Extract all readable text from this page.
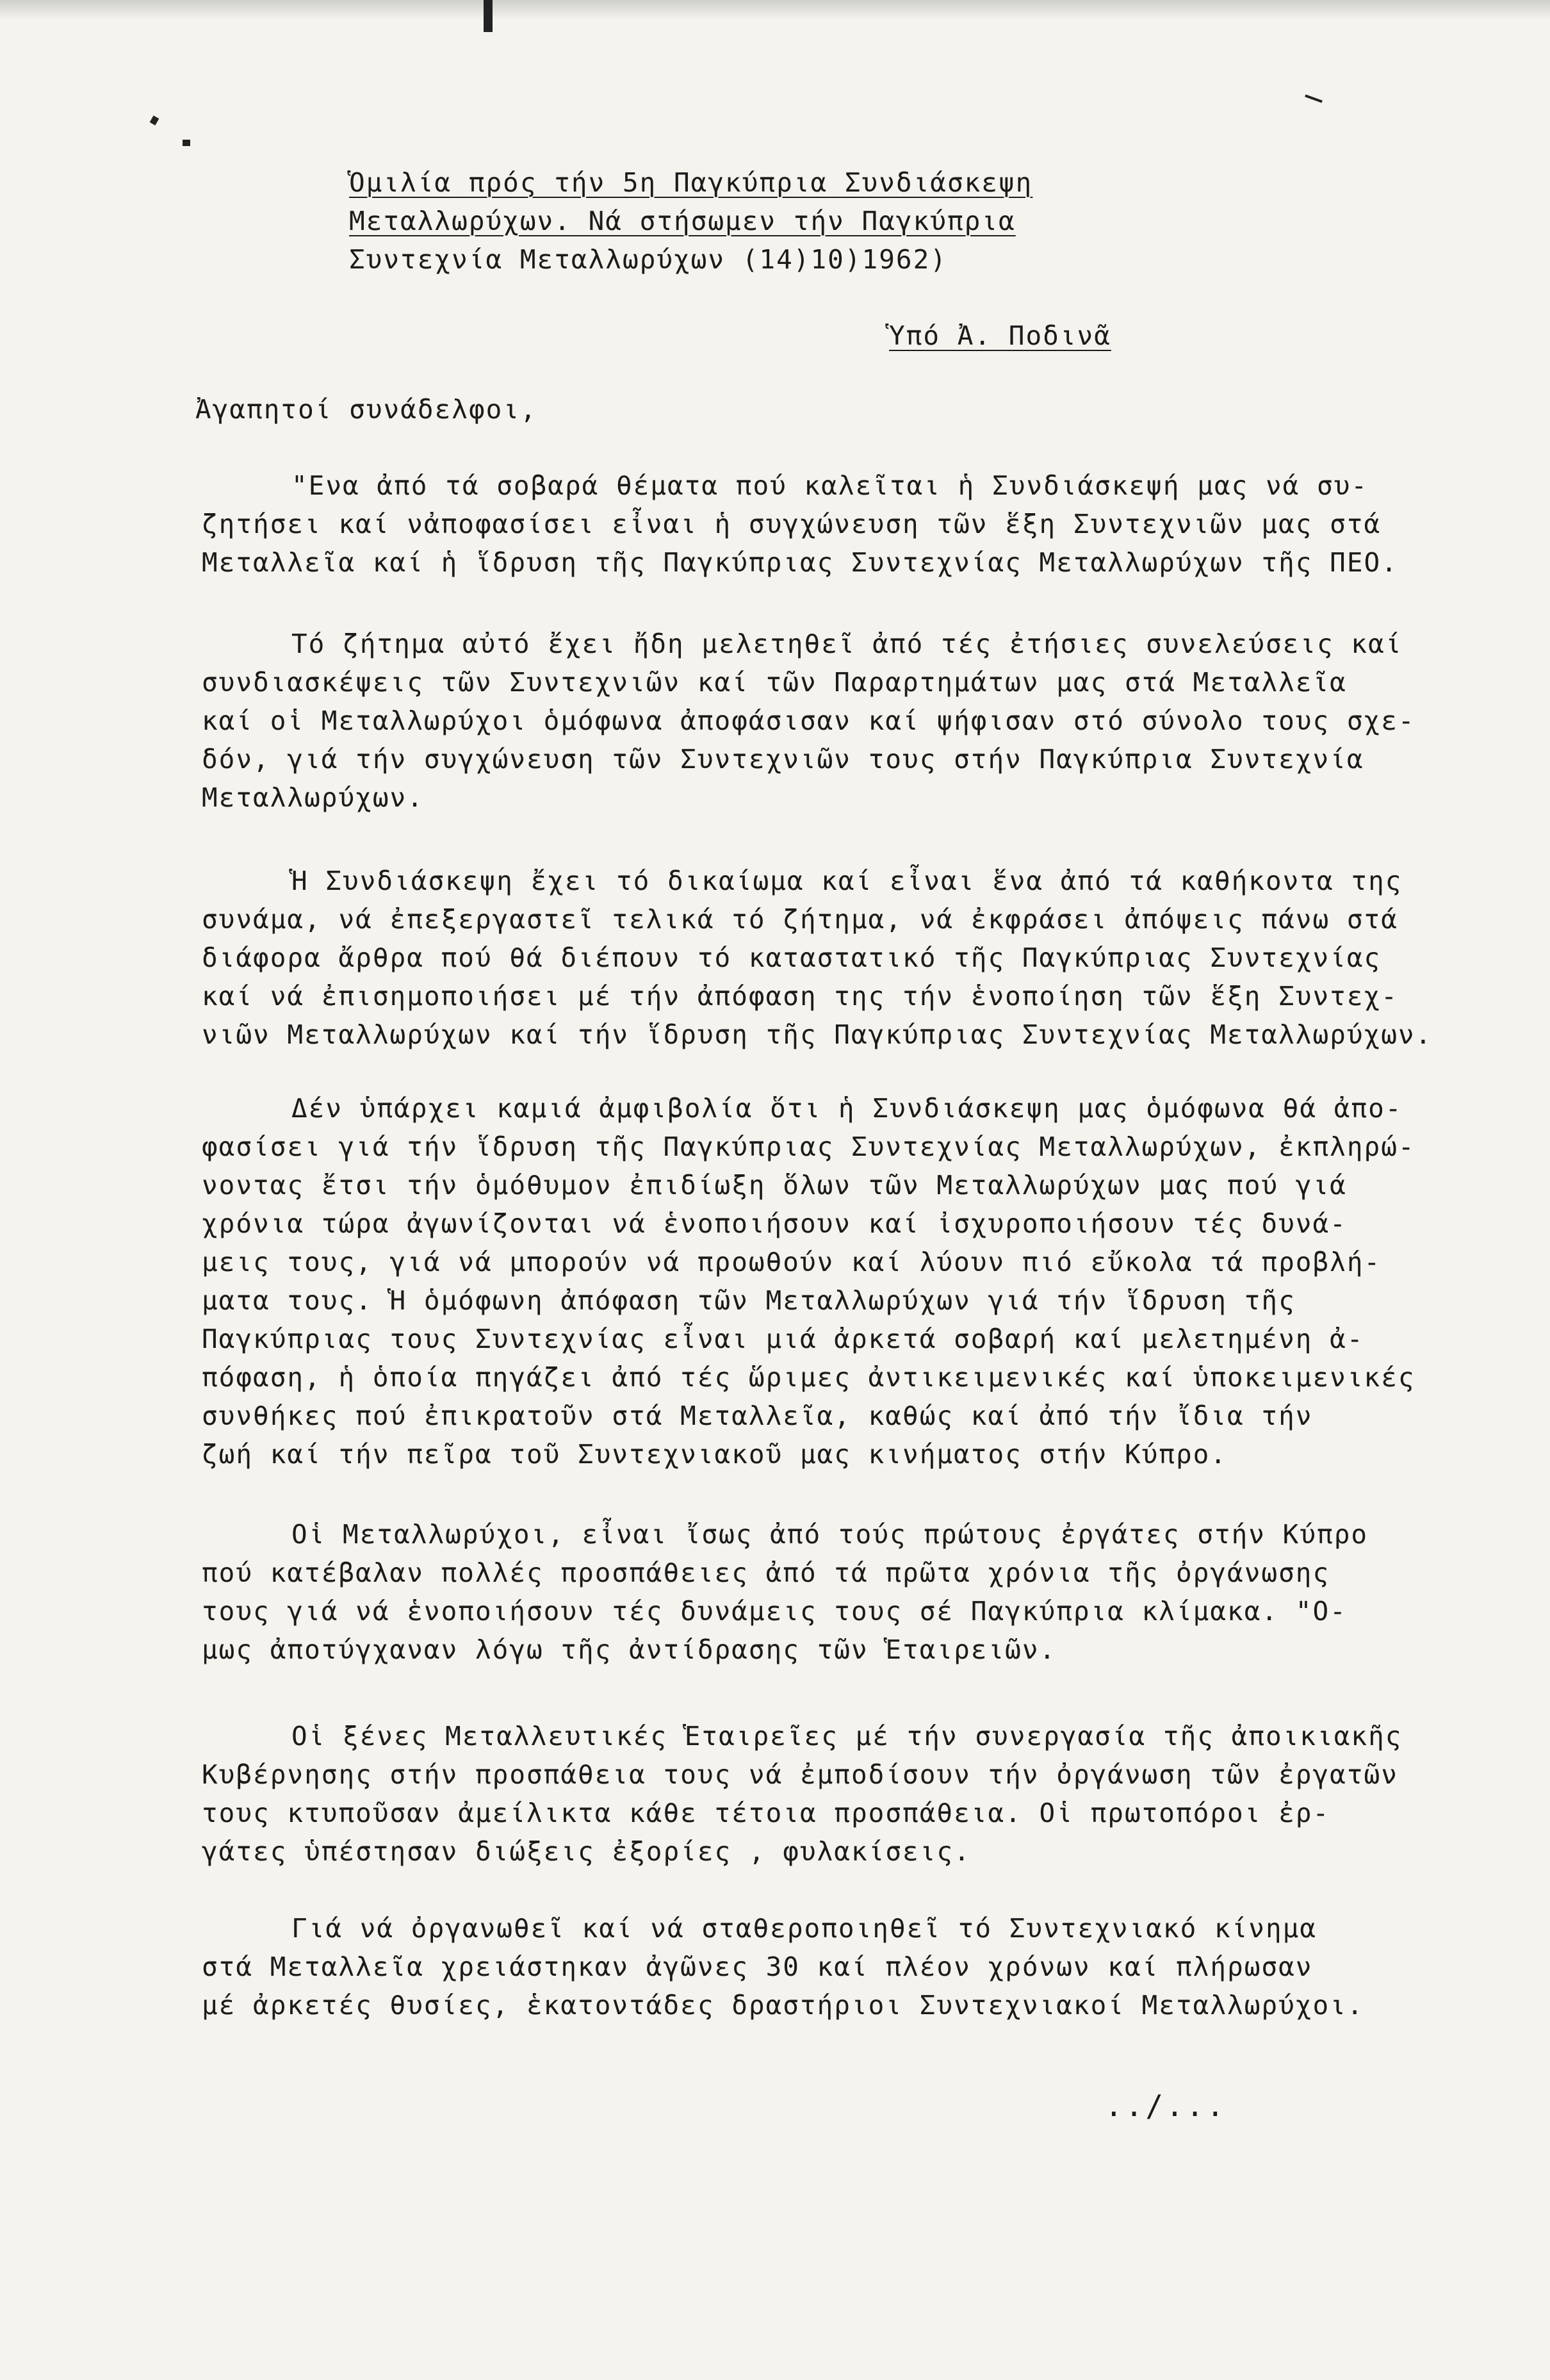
Ὁμιλία πρός τήν 5η Παγκύπρια Συνδιάσκεψη
Μεταλλωρύχων. Νά στήσωμεν τήν Παγκύπρια
Συντεχνία Μεταλλωρύχων (14)10)1962)
Ὑπό Ἀ. Ποδινᾶ
Ἀγαπητοί συνάδελφοι,
"Ενα ἀπό τά σοβαρά θέματα πού καλεῖται ἡ Συνδιάσκεψή μας νά συ-
ζητήσει καί νἀποφασίσει εἶναι ἡ συγχώνευση τῶν ἕξη Συντεχνιῶν μας στά
Μεταλλεῖα καί ἡ ἵδρυση τῆς Παγκύπριας Συντεχνίας Μεταλλωρύχων τῆς ΠΕΟ.
Τό ζήτημα αὐτό ἔχει ἤδη μελετηθεῖ ἀπό τές ἐτήσιες συνελεύσεις καί
συνδιασκέψεις τῶν Συντεχνιῶν καί τῶν Παραρτημάτων μας στά Μεταλλεῖα
καί οἱ Μεταλλωρύχοι ὁμόφωνα ἀποφάσισαν καί ψήφισαν στό σύνολο τους σχε-
δόν, γιά τήν συγχώνευση τῶν Συντεχνιῶν τους στήν Παγκύπρια Συντεχνία
Μεταλλωρύχων.
Ἡ Συνδιάσκεψη ἔχει τό δικαίωμα καί εἶναι ἕνα ἀπό τά καθήκοντα της
συνάμα, νά ἐπεξεργαστεῖ τελικά τό ζήτημα, νά ἐκφράσει ἀπόψεις πάνω στά
διάφορα ἄρθρα πού θά διέπουν τό καταστατικό τῆς Παγκύπριας Συντεχνίας
καί νά ἐπισημοποιήσει μέ τήν ἀπόφαση της τήν ἑνοποίηση τῶν ἕξη Συντεχ-
νιῶν Μεταλλωρύχων καί τήν ἵδρυση τῆς Παγκύπριας Συντεχνίας Μεταλλωρύχων.
Δέν ὑπάρχει καμιά ἀμφιβολία ὅτι ἡ Συνδιάσκεψη μας ὁμόφωνα θά ἀπο-
φασίσει γιά τήν ἵδρυση τῆς Παγκύπριας Συντεχνίας Μεταλλωρύχων, ἐκπληρώ-
νοντας ἔτσι τήν ὁμόθυμον ἐπιδίωξη ὅλων τῶν Μεταλλωρύχων μας πού γιά
χρόνια τώρα ἀγωνίζονται νά ἑνοποιήσουν καί ἰσχυροποιήσουν τές δυνά-
μεις τους, γιά νά μπορούν νά προωθούν καί λύουν πιό εὔκολα τά προβλή-
ματα τους. Ἡ ὁμόφωνη ἀπόφαση τῶν Μεταλλωρύχων γιά τήν ἵδρυση τῆς
Παγκύπριας τους Συντεχνίας εἶναι μιά ἀρκετά σοβαρή καί μελετημένη ἀ-
πόφαση, ἡ ὁποία πηγάζει ἀπό τές ὥριμες ἀντικειμενικές καί ὑποκειμενικές
συνθήκες πού ἐπικρατοῦν στά Μεταλλεῖα, καθώς καί ἀπό τήν ἴδια τήν
ζωή καί τήν πεῖρα τοῦ Συντεχνιακοῦ μας κινήματος στήν Κύπρο.
Οἱ Μεταλλωρύχοι, εἶναι ἴσως ἀπό τούς πρώτους ἐργάτες στήν Κύπρο
πού κατέβαλαν πολλές προσπάθειες ἀπό τά πρῶτα χρόνια τῆς ὀργάνωσης
τους γιά νά ἑνοποιήσουν τές δυνάμεις τους σέ Παγκύπρια κλίμακα. "Ο-
μως ἀποτύγχαναν λόγω τῆς ἀντίδρασης τῶν Ἑταιρειῶν.
Οἱ ξένες Μεταλλευτικές Ἑταιρεῖες μέ τήν συνεργασία τῆς ἀποικιακῆς
Κυβέρνησης στήν προσπάθεια τους νά ἐμποδίσουν τήν ὀργάνωση τῶν ἐργατῶν
τους κτυποῦσαν ἀμείλικτα κάθε τέτοια προσπάθεια. Οἱ πρωτοπόροι ἐρ-
γάτες ὑπέστησαν διώξεις ἐξορίες , φυλακίσεις.
Γιά νά ὀργανωθεῖ καί νά σταθεροποιηθεῖ τό Συντεχνιακό κίνημα
στά Μεταλλεῖα χρειάστηκαν ἀγῶνες 30 καί πλέον χρόνων καί πλήρωσαν
μέ ἀρκετές θυσίες, ἑκατοντάδες δραστήριοι Συντεχνιακοί Μεταλλωρύχοι.
../...
